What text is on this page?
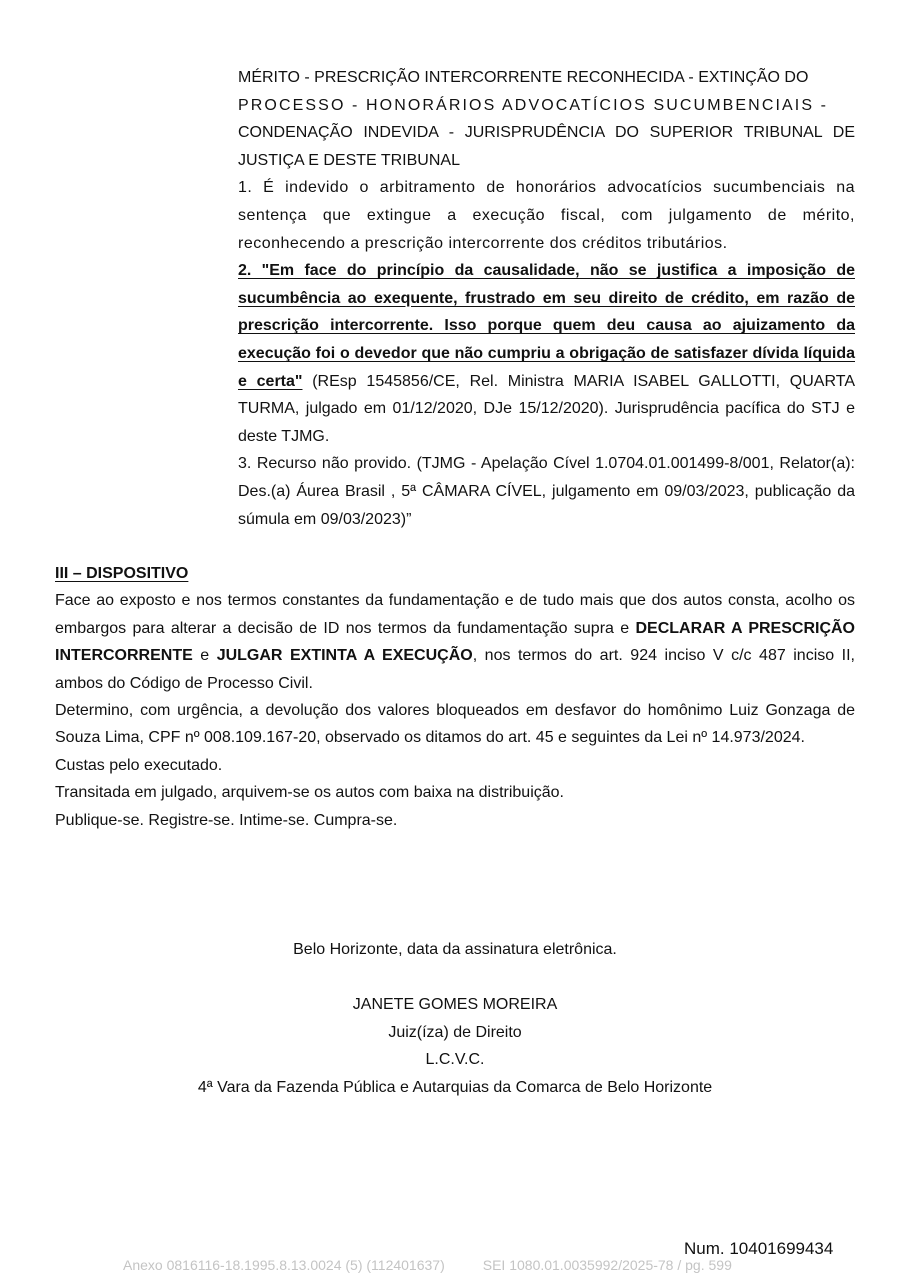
MÉRITO - PRESCRIÇÃO INTERCORRENTE RECONHECIDA - EXTINÇÃO DO
PROCESSO - HONORÁRIOS ADVOCATÍCIOS SUCUMBENCIAIS -
CONDENAÇÃO INDEVIDA - JURISPRUDÊNCIA DO SUPERIOR TRIBUNAL DE JUSTIÇA E DESTE TRIBUNAL

1. É indevido o arbitramento de honorários advocatícios sucumbenciais na sentença que extingue a execução fiscal, com julgamento de mérito, reconhecendo a prescrição intercorrente dos créditos tributários.

2. "Em face do princípio da causalidade, não se justifica a imposição de sucumbência ao exequente, frustrado em seu direito de crédito, em razão de prescrição intercorrente. Isso porque quem deu causa ao ajuizamento da execução foi o devedor que não cumpriu a obrigação de satisfazer dívida líquida e certa" (REsp 1545856/CE, Rel. Ministra MARIA ISABEL GALLOTTI, QUARTA TURMA, julgado em 01/12/2020, DJe 15/12/2020). Jurisprudência pacífica do STJ e deste TJMG.

3. Recurso não provido. (TJMG - Apelação Cível 1.0704.01.001499-8/001, Relator(a): Des.(a) Áurea Brasil , 5ª CÂMARA CÍVEL, julgamento em 09/03/2023, publicação da súmula em 09/03/2023)”

III – DISPOSITIVO

Face ao exposto e nos termos constantes da fundamentação e de tudo mais que dos autos consta, acolho os embargos para alterar a decisão de ID nos termos da fundamentação supra e DECLARAR A PRESCRIÇÃO INTERCORRENTE e JULGAR EXTINTA A EXECUÇÃO, nos termos do art. 924 inciso V c/c 487 inciso II, ambos do Código de Processo Civil.

Determino, com urgência, a devolução dos valores bloqueados em desfavor do homônimo Luiz Gonzaga de Souza Lima, CPF nº 008.109.167-20, observado os ditamos do art. 45 e seguintes da Lei nº 14.973/2024.

Custas pelo executado.

Transitada em julgado, arquivem-se os autos com baixa na distribuição.

Publique-se. Registre-se. Intime-se. Cumpra-se.

Belo Horizonte, data da assinatura eletrônica.

JANETE GOMES MOREIRA

Juiz(íza) de Direito

L.C.V.C.

4ª Vara da Fazenda Pública e Autarquias da Comarca de Belo Horizonte

Num. 10401699434
Anexo 0816116-18.1995.8.13.0024 (5) (112401637)	SEI 1080.01.0035992/2025-78 / pg. 599
